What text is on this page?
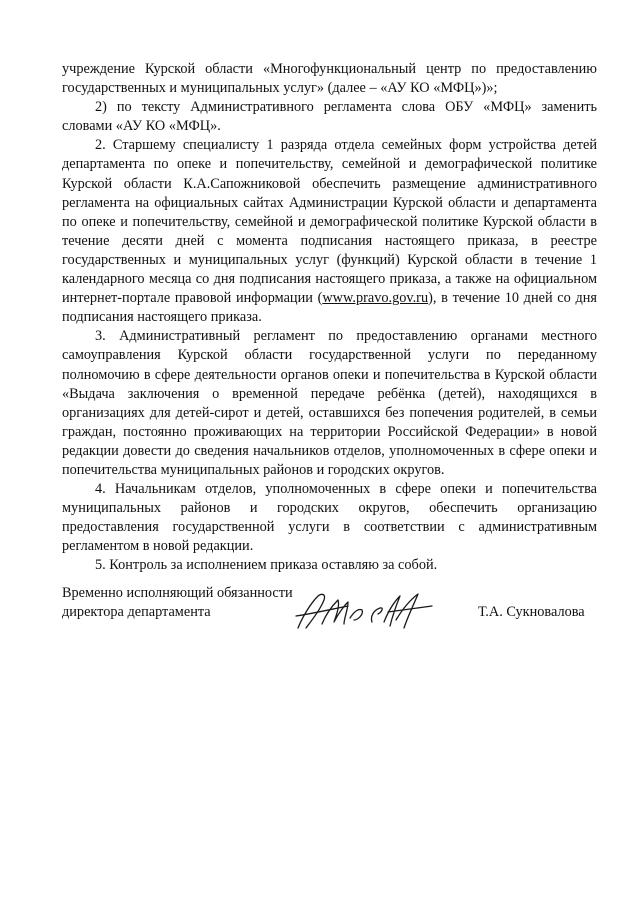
учреждение Курской области «Многофункциональный центр по предоставлению государственных и муниципальных услуг» (далее – «АУ КО «МФЦ»)»;

2) по тексту Административного регламента слова ОБУ «МФЦ» заменить словами «АУ КО «МФЦ».

2. Старшему специалисту 1 разряда отдела семейных форм устройства детей департамента по опеке и попечительству, семейной и демографической политике Курской области К.А.Сапожниковой обеспечить размещение административного регламента на официальных сайтах Администрации Курской области и департамента по опеке и попечительству, семейной и демографической политике Курской области в течение десяти дней с момента подписания настоящего приказа, в реестре государственных и муниципальных услуг (функций) Курской области в течение 1 календарного месяца со дня подписания настоящего приказа, а также на официальном интернет-портале правовой информации (www.pravo.gov.ru), в течение 10 дней со дня подписания настоящего приказа.

3. Административный регламент по предоставлению органами местного самоуправления Курской области государственной услуги по переданному полномочию в сфере деятельности органов опеки и попечительства в Курской области «Выдача заключения о временной передаче ребёнка (детей), находящихся в организациях для детей-сирот и детей, оставшихся без попечения родителей, в семьи граждан, постоянно проживающих на территории Российской Федерации» в новой редакции довести до сведения начальников отделов, уполномоченных в сфере опеки и попечительства муниципальных районов и городских округов.

4. Начальникам отделов, уполномоченных в сфере опеки и попечительства муниципальных районов и городских округов, обеспечить организацию предоставления государственной услуги в соответствии с административным регламентом в новой редакции.

5. Контроль за исполнением приказа оставляю за собой.

Временно исполняющий обязанности
директора департамента	Т.А. Сукновалова
